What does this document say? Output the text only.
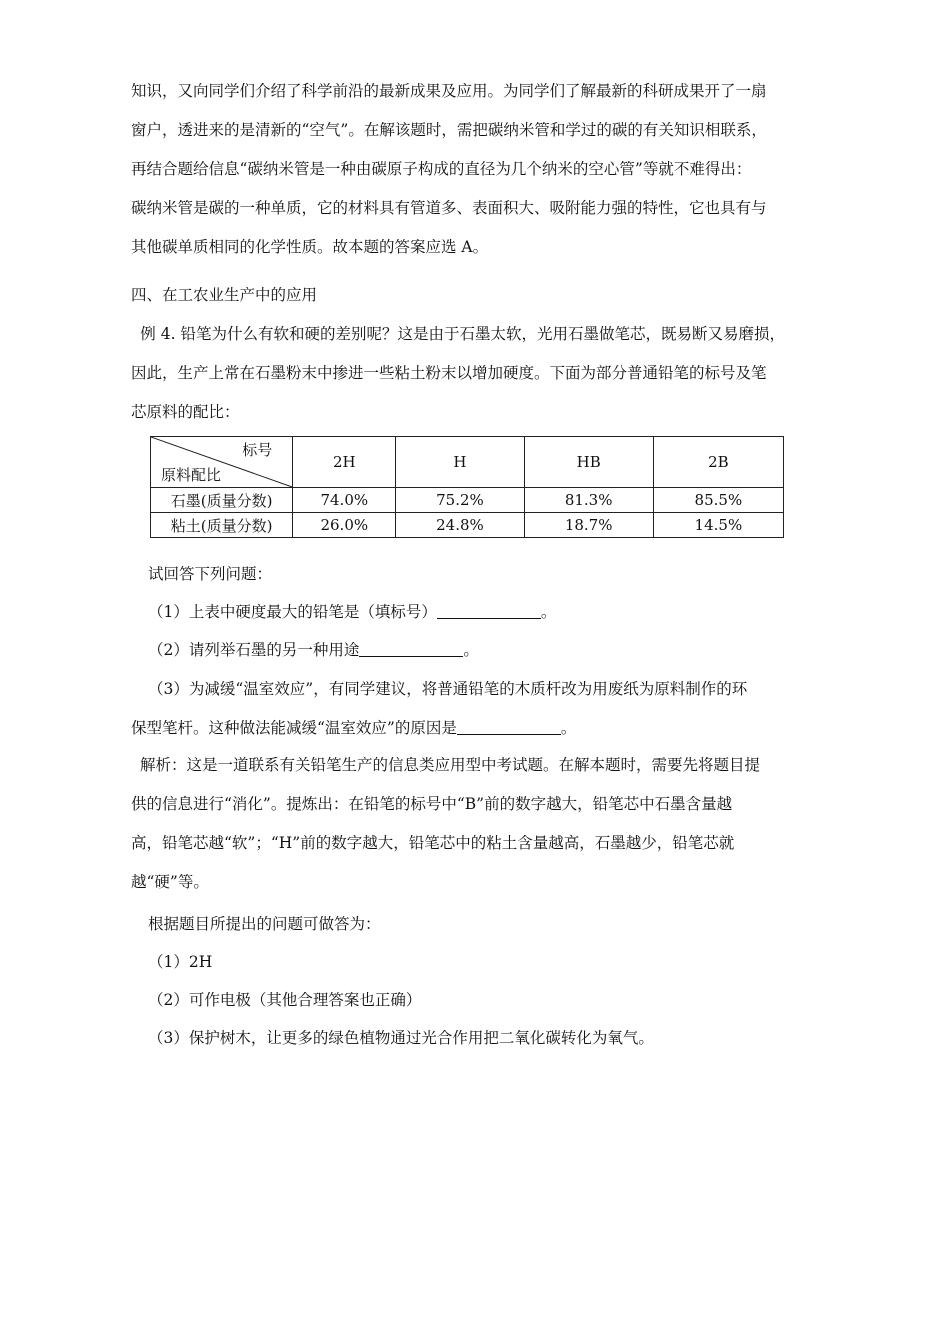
知识，又向同学们介绍了科学前沿的最新成果及应用。为同学们了解最新的科研成果开了一扇
窗户，透进来的是清新的“空气”。在解该题时，需把碳纳米管和学过的碳的有关知识相联系，
再结合题给信息“碳纳米管是一种由碳原子构成的直径为几个纳米的空心管”等就不难得出：
碳纳米管是碳的一种单质，它的材料具有管道多、表面积大、吸附能力强的特性，它也具有与
其他碳单质相同的化学性质。故本题的答案应选 A。

四、在工农业生产中的应用

例 4. 铅笔为什么有软和硬的差别呢？这是由于石墨太软，光用石墨做笔芯，既易断又易磨损，
因此，生产上常在石墨粉末中掺进一些粘土粉末以增加硬度。下面为部分普通铅笔的标号及笔
芯原料的配比：

标号
原料配比	2H	H	HB	2B
石墨(质量分数)	74.0%	75.2%	81.3%	85.5%
粘土(质量分数)	26.0%	24.8%	18.7%	14.5%

试回答下列问题：

（1）上表中硬度最大的铅笔是（填标号）	。

（2）请列举石墨的另一种用途	。

（3）为减缓“温室效应”，有同学建议，将普通铅笔的木质杆改为用废纸为原料制作的环
保型笔杆。这种做法能减缓“温室效应”的原因是	。

解析：这是一道联系有关铅笔生产的信息类应用型中考试题。在解本题时，需要先将题目提
供的信息进行“消化”。提炼出：在铅笔的标号中“B”前的数字越大，铅笔芯中石墨含量越
高，铅笔芯越“软”；“H”前的数字越大，铅笔芯中的粘土含量越高，石墨越少，铅笔芯就
越“硬”等。

根据题目所提出的问题可做答为：

（1）2H

（2）可作电极（其他合理答案也正确）

（3）保护树木，让更多的绿色植物通过光合作用把二氧化碳转化为氧气。
